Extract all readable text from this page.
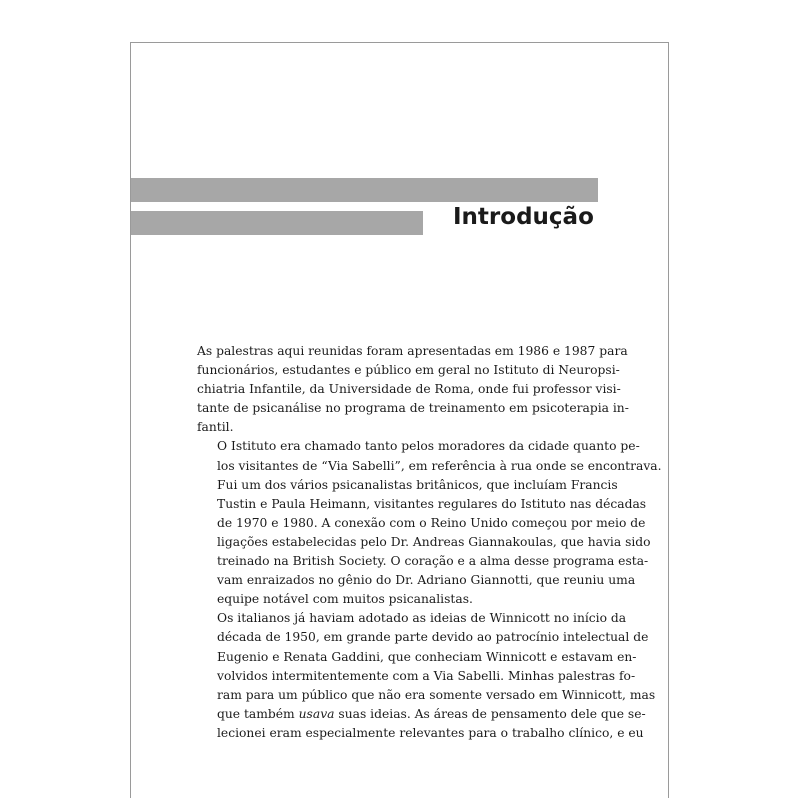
Introdução

As palestras aqui reunidas foram apresentadas em 1986 e 1987 para
funcionários, estudantes e público em geral no Istituto di Neuropsi-
chiatria Infantile, da Universidade de Roma, onde fui professor visi-
tante de psicanálise no programa de treinamento em psicoterapia in-
fantil.

O Istituto era chamado tanto pelos moradores da cidade quanto pe-
los visitantes de “Via Sabelli”, em referência à rua onde se encontrava.
Fui um dos vários psicanalistas britânicos, que incluíam Francis
Tustin e Paula Heimann, visitantes regulares do Istituto nas décadas
de 1970 e 1980. A conexão com o Reino Unido começou por meio de
ligações estabelecidas pelo Dr. Andreas Giannakoulas, que havia sido
treinado na British Society. O coração e a alma desse programa esta-
vam enraizados no gênio do Dr. Adriano Giannotti, que reuniu uma
equipe notável com muitos psicanalistas.

Os italianos já haviam adotado as ideias de Winnicott no início da
década de 1950, em grande parte devido ao patrocínio intelectual de
Eugenio e Renata Gaddini, que conheciam Winnicott e estavam en-
volvidos intermitentemente com a Via Sabelli. Minhas palestras fo-
ram para um público que não era somente versado em Winnicott, mas
que também usava suas ideias. As áreas de pensamento dele que se-
lecionei eram especialmente relevantes para o trabalho clínico, e eu
